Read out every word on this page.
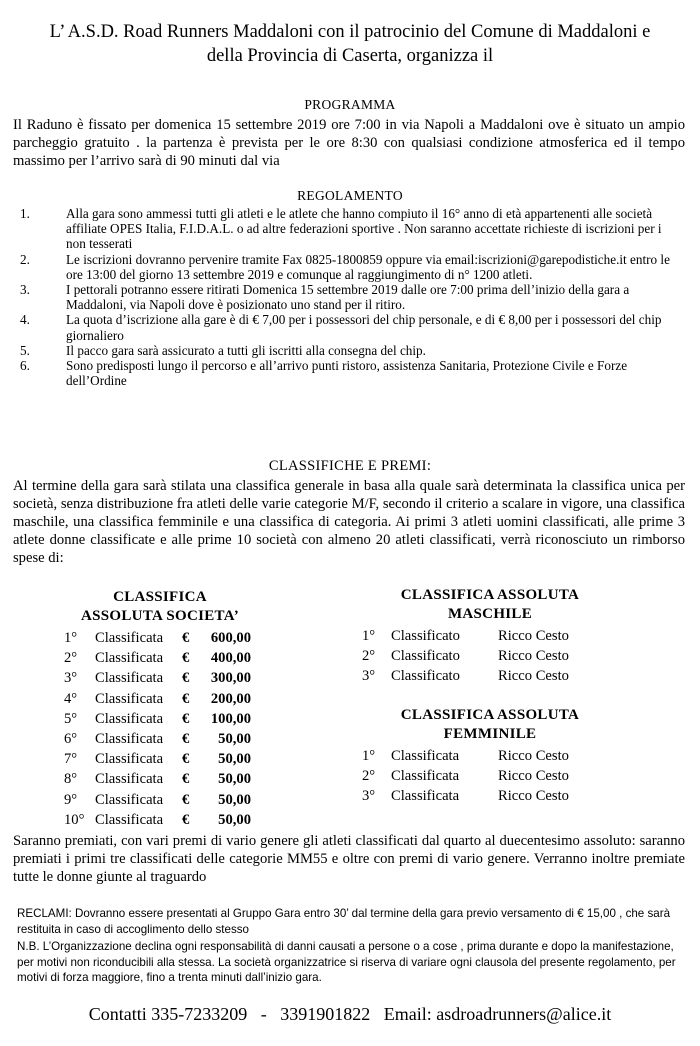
L’ A.S.D. Road Runners Maddaloni con il patrocinio del Comune di Maddaloni e
della Provincia di Caserta, organizza il
PROGRAMMA
Il Raduno è fissato per domenica 15 settembre 2019 ore 7:00 in via Napoli a Maddaloni ove è situato un ampio parcheggio gratuito . la partenza è prevista per le ore 8:30 con qualsiasi condizione atmosferica ed il tempo massimo per l’arrivo sarà di 90 minuti dal via
REGOLAMENTO
1.	Alla gara sono ammessi tutti gli atleti e le atlete che hanno compiuto il 16° anno di età appartenenti alle società affiliate OPES Italia, F.I.D.A.L. o ad altre federazioni sportive . Non saranno accettate richieste di iscrizioni per i non tesserati
2.	Le iscrizioni dovranno pervenire tramite Fax 0825-1800859 oppure via email:iscrizioni@garepodistiche.it entro le ore 13:00 del giorno 13 settembre 2019 e comunque al raggiungimento di n° 1200 atleti.
3.	I pettorali potranno essere ritirati Domenica 15 settembre 2019 dalle ore 7:00 prima dell’inizio della gara a Maddaloni, via Napoli dove è posizionato uno stand per il ritiro.
4.	La quota d’iscrizione alla gare è di € 7,00 per i possessori del chip personale, e di € 8,00 per i possessori del chip giornaliero
5.	Il pacco gara sarà assicurato a tutti gli iscritti alla consegna del chip.
6.	Sono predisposti lungo il percorso e all’arrivo punti ristoro, assistenza Sanitaria, Protezione Civile e Forze dell’Ordine
CLASSIFICHE E PREMI:
Al termine della gara sarà stilata una classifica generale in basa alla quale sarà determinata la classifica unica per società, senza distribuzione fra atleti delle varie categorie M/F, secondo il criterio a scalare in vigore, una classifica maschile, una classifica femminile e una classifica di categoria. Ai primi 3 atleti uomini classificati, alle prime 3 atlete donne classificate e alle prime 10 società con almeno 20 atleti classificati, verrà riconosciuto un rimborso spese di:
CLASSIFICA
ASSOLUTA SOCIETA’
1° Classificata €	600,00
2° Classificata €	400,00
3° Classificata €	300,00
4° Classificata €	200,00
5° Classificata €	100,00
6° Classificata €	50,00
7° Classificata €	50,00
8° Classificata €	50,00
9° Classificata €	50,00
10° Classificata €	50,00
CLASSIFICA ASSOLUTA
MASCHILE
1° Classificato	Ricco Cesto
2° Classificato	Ricco Cesto
3° Classificato	Ricco Cesto
CLASSIFICA ASSOLUTA
FEMMINILE
1° Classificata	Ricco Cesto
2° Classificata	Ricco Cesto
3° Classificata	Ricco Cesto
Saranno premiati, con vari premi di vario genere gli atleti classificati dal quarto al duecentesimo assoluto: saranno premiati i primi tre classificati delle categorie MM55 e oltre con premi di vario genere. Verranno inoltre premiate tutte le donne giunte al traguardo
RECLAMI: Dovranno essere presentati al Gruppo Gara entro 30’ dal termine della gara previo versamento di € 15,00 , che sarà restituita in caso di accoglimento dello stesso
N.B. L’Organizzazione declina ogni responsabilità di danni causati a persone o a cose , prima durante e dopo la manifestazione, per motivi non riconducibili alla stessa. La società organizzatrice si riserva di variare ogni clausola del presente regolamento, per motivi di forza maggiore, fino a trenta minuti dall’inizio gara.
Contatti 335-7233209   -   3391901822   Email: asdroadrunners@alice.it
